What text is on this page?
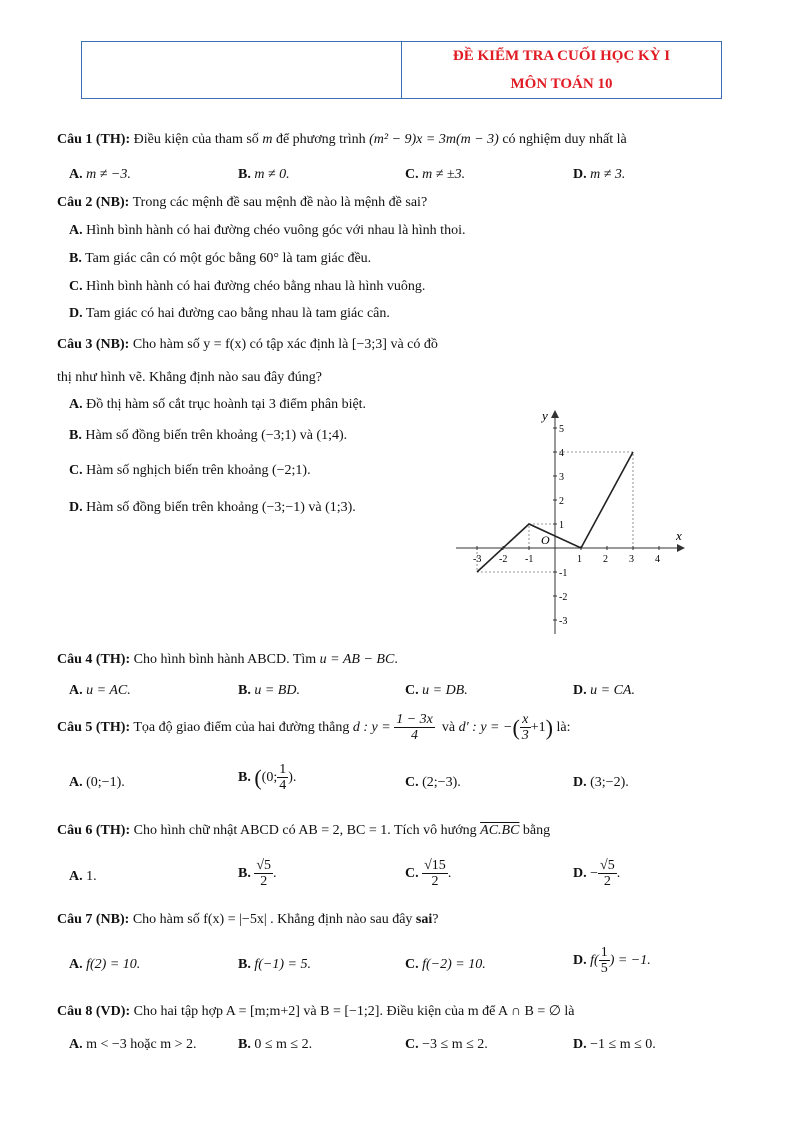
ĐỀ KIỂM TRA CUỐI HỌC KỲ I
MÔN TOÁN 10
Câu 1 (TH): Điều kiện của tham số m để phương trình (m² − 9)x = 3m(m − 3) có nghiệm duy nhất là
A. m ≠ −3.	B. m ≠ 0.	C. m ≠ ±3.	D. m ≠ 3.
Câu 2 (NB): Trong các mệnh đề sau mệnh đề nào là mệnh đề sai?
A. Hình bình hành có hai đường chéo vuông góc với nhau là hình thoi.
B. Tam giác cân có một góc bằng 60° là tam giác đều.
C. Hình bình hành có hai đường chéo bằng nhau là hình vuông.
D. Tam giác có hai đường cao bằng nhau là tam giác cân.
Câu 3 (NB): Cho hàm số y = f(x) có tập xác định là [−3;3] và có đồ
thị như hình vẽ. Khẳng định nào sau đây đúng?
A. Đồ thị hàm số cắt trục hoành tại 3 điểm phân biệt.
B. Hàm số đồng biến trên khoảng (−3;1) và (1;4).
C. Hàm số nghịch biến trên khoảng (−2;1).
D. Hàm số đồng biến trên khoảng (−3;−1) và (1;3).
x
y
O
-3 -2 -1	1 2 3 4
5
4
3
2
1
-1
-2
-3
Câu 4 (TH): Cho hình bình hành ABCD. Tìm u = AB − BC.
A. u = AC.	B. u = BD.	C. u = DB.	D. u = CA.
Câu 5 (TH): Tọa độ giao điểm của hai đường thẳng d : $y = \frac{1 - 3x}{4}$ và d′ : y = −( $\frac{x}{3} +1$) là:
A. (0;−1).	B. ((0; $\frac{1}{4}$ ).	C. (2;−3).	D. (3;−2).
Câu 6 (TH): Cho hình chữ nhật ABCD có AB = 2, BC = 1. Tích vô hướng AC.BC bằng
A. 1.	B. $\frac{√5}{2}$ .	C. $\frac{√15}{2}$ .	D. − $\frac{√5}{2}$ .
Câu 7 (NB): Cho hàm số f(x) = |−5x| . Khẳng định nào sau đây sai?
A. f(2) = 10.	B. f(−1) = 5.	C. f(−2) = 10.	D. $f( \frac{1}{5}$ ) = −1.
Câu 8 (VD): Cho hai tập hợp A = [m;m+2] và B = [−1;2]. Điều kiện của m để A ∩ B = ∅ là
A. m < −3 hoặc m > 2.	B. 0 ≤ m ≤ 2.	C. −3 ≤ m ≤ 2.	D. −1 ≤ m ≤ 0.
